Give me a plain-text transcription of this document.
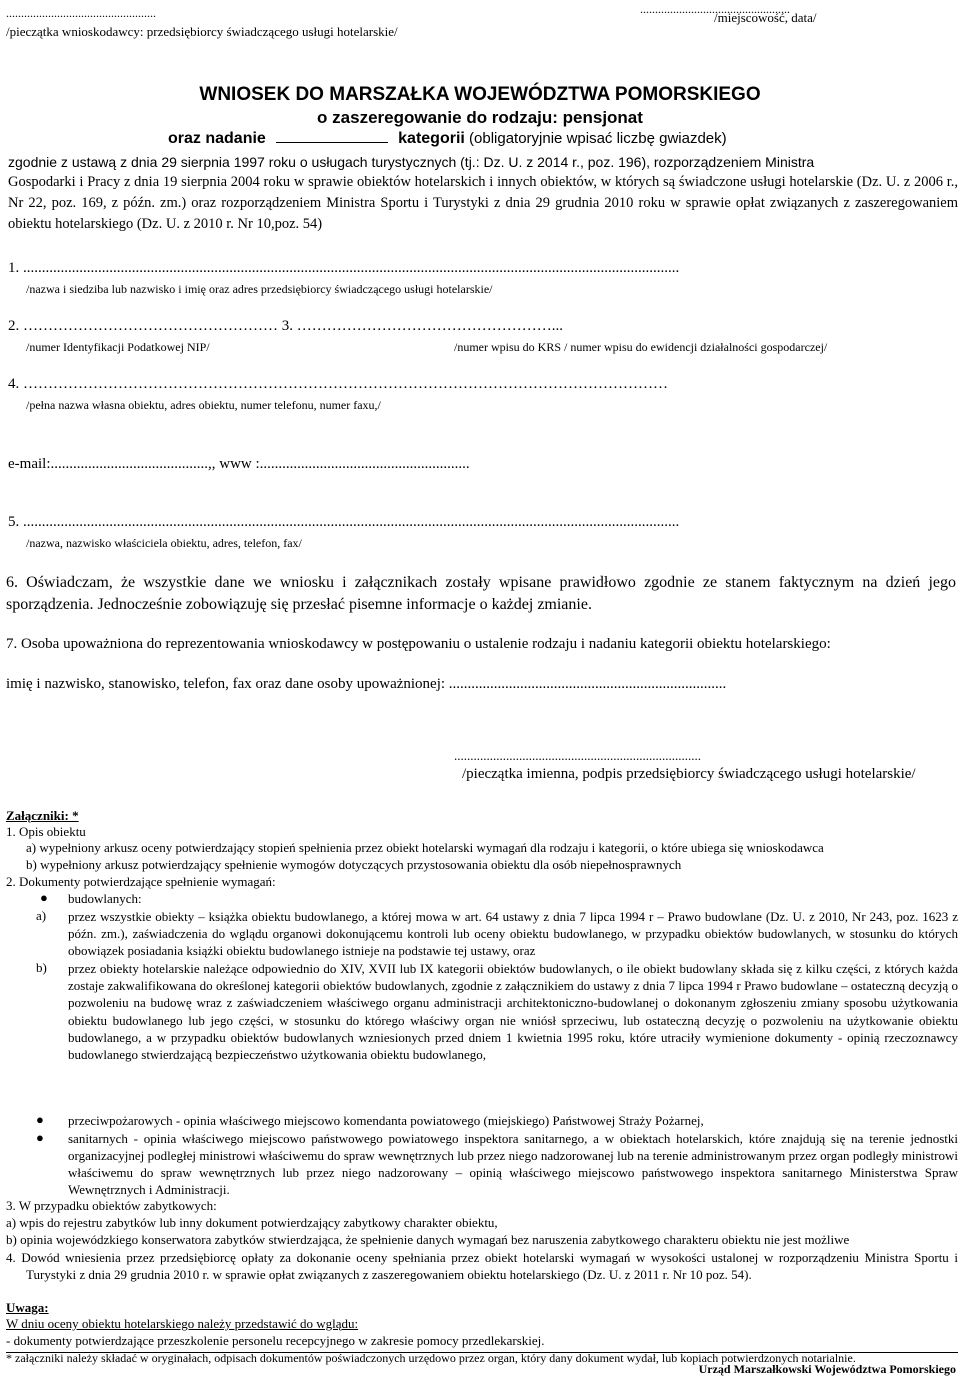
..................................................
/pieczątka wnioskodawcy: przedsiębiorcy świadczącego usługi hotelarskie/
..................................................
/miejscowość, data/
WNIOSEK DO MARSZAŁKA WOJEWÓDZTWA POMORSKIEGO
o zaszeregowanie do rodzaju: pensjonat
oraz nadanie	kategorii (obligatoryjnie wpisać liczbę gwiazdek)
zgodnie z ustawą z dnia 29 sierpnia 1997 roku o usługach turystycznych (tj.: Dz. U. z 2014 r., poz. 196), rozporządzeniem Ministra
Gospodarki i Pracy z dnia 19 sierpnia 2004 roku w sprawie obiektów hotelarskich i innych obiektów, w których są świadczone usługi hotelarskie (Dz. U. z 2006 r., Nr 22, poz. 169, z późn. zm.) oraz rozporządzeniem Ministra Sportu i Turystyki z dnia 29 grudnia 2010 roku w sprawie opłat związanych z zaszeregowaniem obiektu hotelarskiego (Dz. U. z 2010 r. Nr 10,poz. 54)
1. ...............................................................................................................................................................................
/nazwa i siedziba lub nazwisko i imię oraz adres przedsiębiorcy świadczącego usługi hotelarskie/
2. …………………………………………… 3. ……………………………………………...
/numer Identyfikacji Podatkowej NIP/	/numer wpisu do KRS / numer wpisu do ewidencji działalności gospodarczej/
4. …………………………………………………………………………………………………………………
/pełna nazwa własna obiektu, adres obiektu, numer telefonu, numer faxu,/
e-mail:..........................................,, www :........................................................
5. ...............................................................................................................................................................................
/nazwa, nazwisko właściciela obiektu, adres, telefon, fax/
6. Oświadczam, że wszystkie dane we wniosku i załącznikach zostały wpisane prawidłowo zgodnie ze stanem faktycznym na dzień jego sporządzenia. Jednocześnie zobowiązuję się przesłać pisemne informacje o każdej zmianie.
7. Osoba upoważniona do reprezentowania wnioskodawcy w postępowaniu o ustalenie rodzaju i nadaniu kategorii obiektu hotelarskiego:
imię i nazwisko, stanowisko, telefon, fax oraz dane osoby upoważnionej: ..........................................................................
............................................................................
/pieczątka imienna, podpis przedsiębiorcy świadczącego usługi hotelarskie/
Załączniki: *
1. Opis obiektu
a) wypełniony arkusz oceny potwierdzający stopień spełnienia przez obiekt hotelarski wymagań dla rodzaju i kategorii, o które ubiega się wnioskodawca
b) wypełniony arkusz potwierdzający spełnienie wymogów dotyczących przystosowania obiektu dla osób niepełnosprawnych
2. Dokumenty potwierdzające spełnienie wymagań:
● budowlanych:
a) przez wszystkie obiekty – książka obiektu budowlanego, a której mowa w art. 64 ustawy z dnia 7 lipca 1994 r – Prawo budowlane (Dz. U. z 2010, Nr 243, poz. 1623 z późn. zm.), zaświadczenia do wglądu organowi dokonującemu kontroli lub oceny obiektu budowlanego, w przypadku obiektów budowlanych, w stosunku do których obowiązek posiadania książki obiektu budowlanego istnieje na podstawie tej ustawy, oraz
b) przez obiekty hotelarskie należące odpowiednio do XIV, XVII lub IX kategorii obiektów budowlanych, o ile obiekt budowlany składa się z kilku części, z których każda zostaje zakwalifikowana do określonej kategorii obiektów budowlanych, zgodnie z załącznikiem do ustawy z dnia 7 lipca 1994 r Prawo budowlane – ostateczną decyzją o pozwoleniu na budowę wraz z zaświadczeniem właściwego organu administracji architektoniczno-budowlanej o dokonanym zgłoszeniu zmiany sposobu użytkowania obiektu budowlanego lub jego części, w stosunku do którego właściwy organ nie wniósł sprzeciwu, lub ostateczną decyzję o pozwoleniu na użytkowanie obiektu budowlanego, a w przypadku obiektów budowlanych wzniesionych przed dniem 1 kwietnia 1995 roku, które utraciły wymienione dokumenty - opinią rzeczoznawcy budowlanego stwierdzającą bezpieczeństwo użytkowania obiektu budowlanego,
● przeciwpożarowych - opinia właściwego miejscowo komendanta powiatowego (miejskiego) Państwowej Straży Pożarnej,
● sanitarnych - opinia właściwego miejscowo państwowego powiatowego inspektora sanitarnego, a w obiektach hotelarskich, które znajdują się na terenie jednostki organizacyjnej podległej ministrowi właściwemu do spraw wewnętrznych lub przez niego nadzorowanej lub na terenie administrowanym przez organ podległy ministrowi właściwemu do spraw wewnętrznych lub przez niego nadzorowany – opinią właściwego miejscowo państwowego inspektora sanitarnego Ministerstwa Spraw Wewnętrznych i Administracji.
3. W przypadku obiektów zabytkowych:
a) wpis do rejestru zabytków lub inny dokument potwierdzający zabytkowy charakter obiektu,
b) opinia wojewódzkiego konserwatora zabytków stwierdzająca, że spełnienie danych wymagań bez naruszenia zabytkowego charakteru obiektu nie jest możliwe
4. Dowód wniesienia przez przedsiębiorcę opłaty za dokonanie oceny spełniania przez obiekt hotelarski wymagań w wysokości ustalonej w rozporządzeniu Ministra Sportu i Turystyki z dnia 29 grudnia 2010 r. w sprawie opłat związanych z zaszeregowaniem obiektu hotelarskiego (Dz. U. z 2011 r. Nr 10 poz. 54).
Uwaga:
W dniu oceny obiektu hotelarskiego należy przedstawić do wglądu:
- dokumenty potwierdzające przeszkolenie personelu recepcyjnego w zakresie pomocy przedlekarskiej.
* załączniki należy składać w oryginałach, odpisach dokumentów poświadczonych urzędowo przez organ, który dany dokument wydał, lub kopiach potwierdzonych notarialnie.
Urząd Marszałkowski Województwa Pomorskiego
